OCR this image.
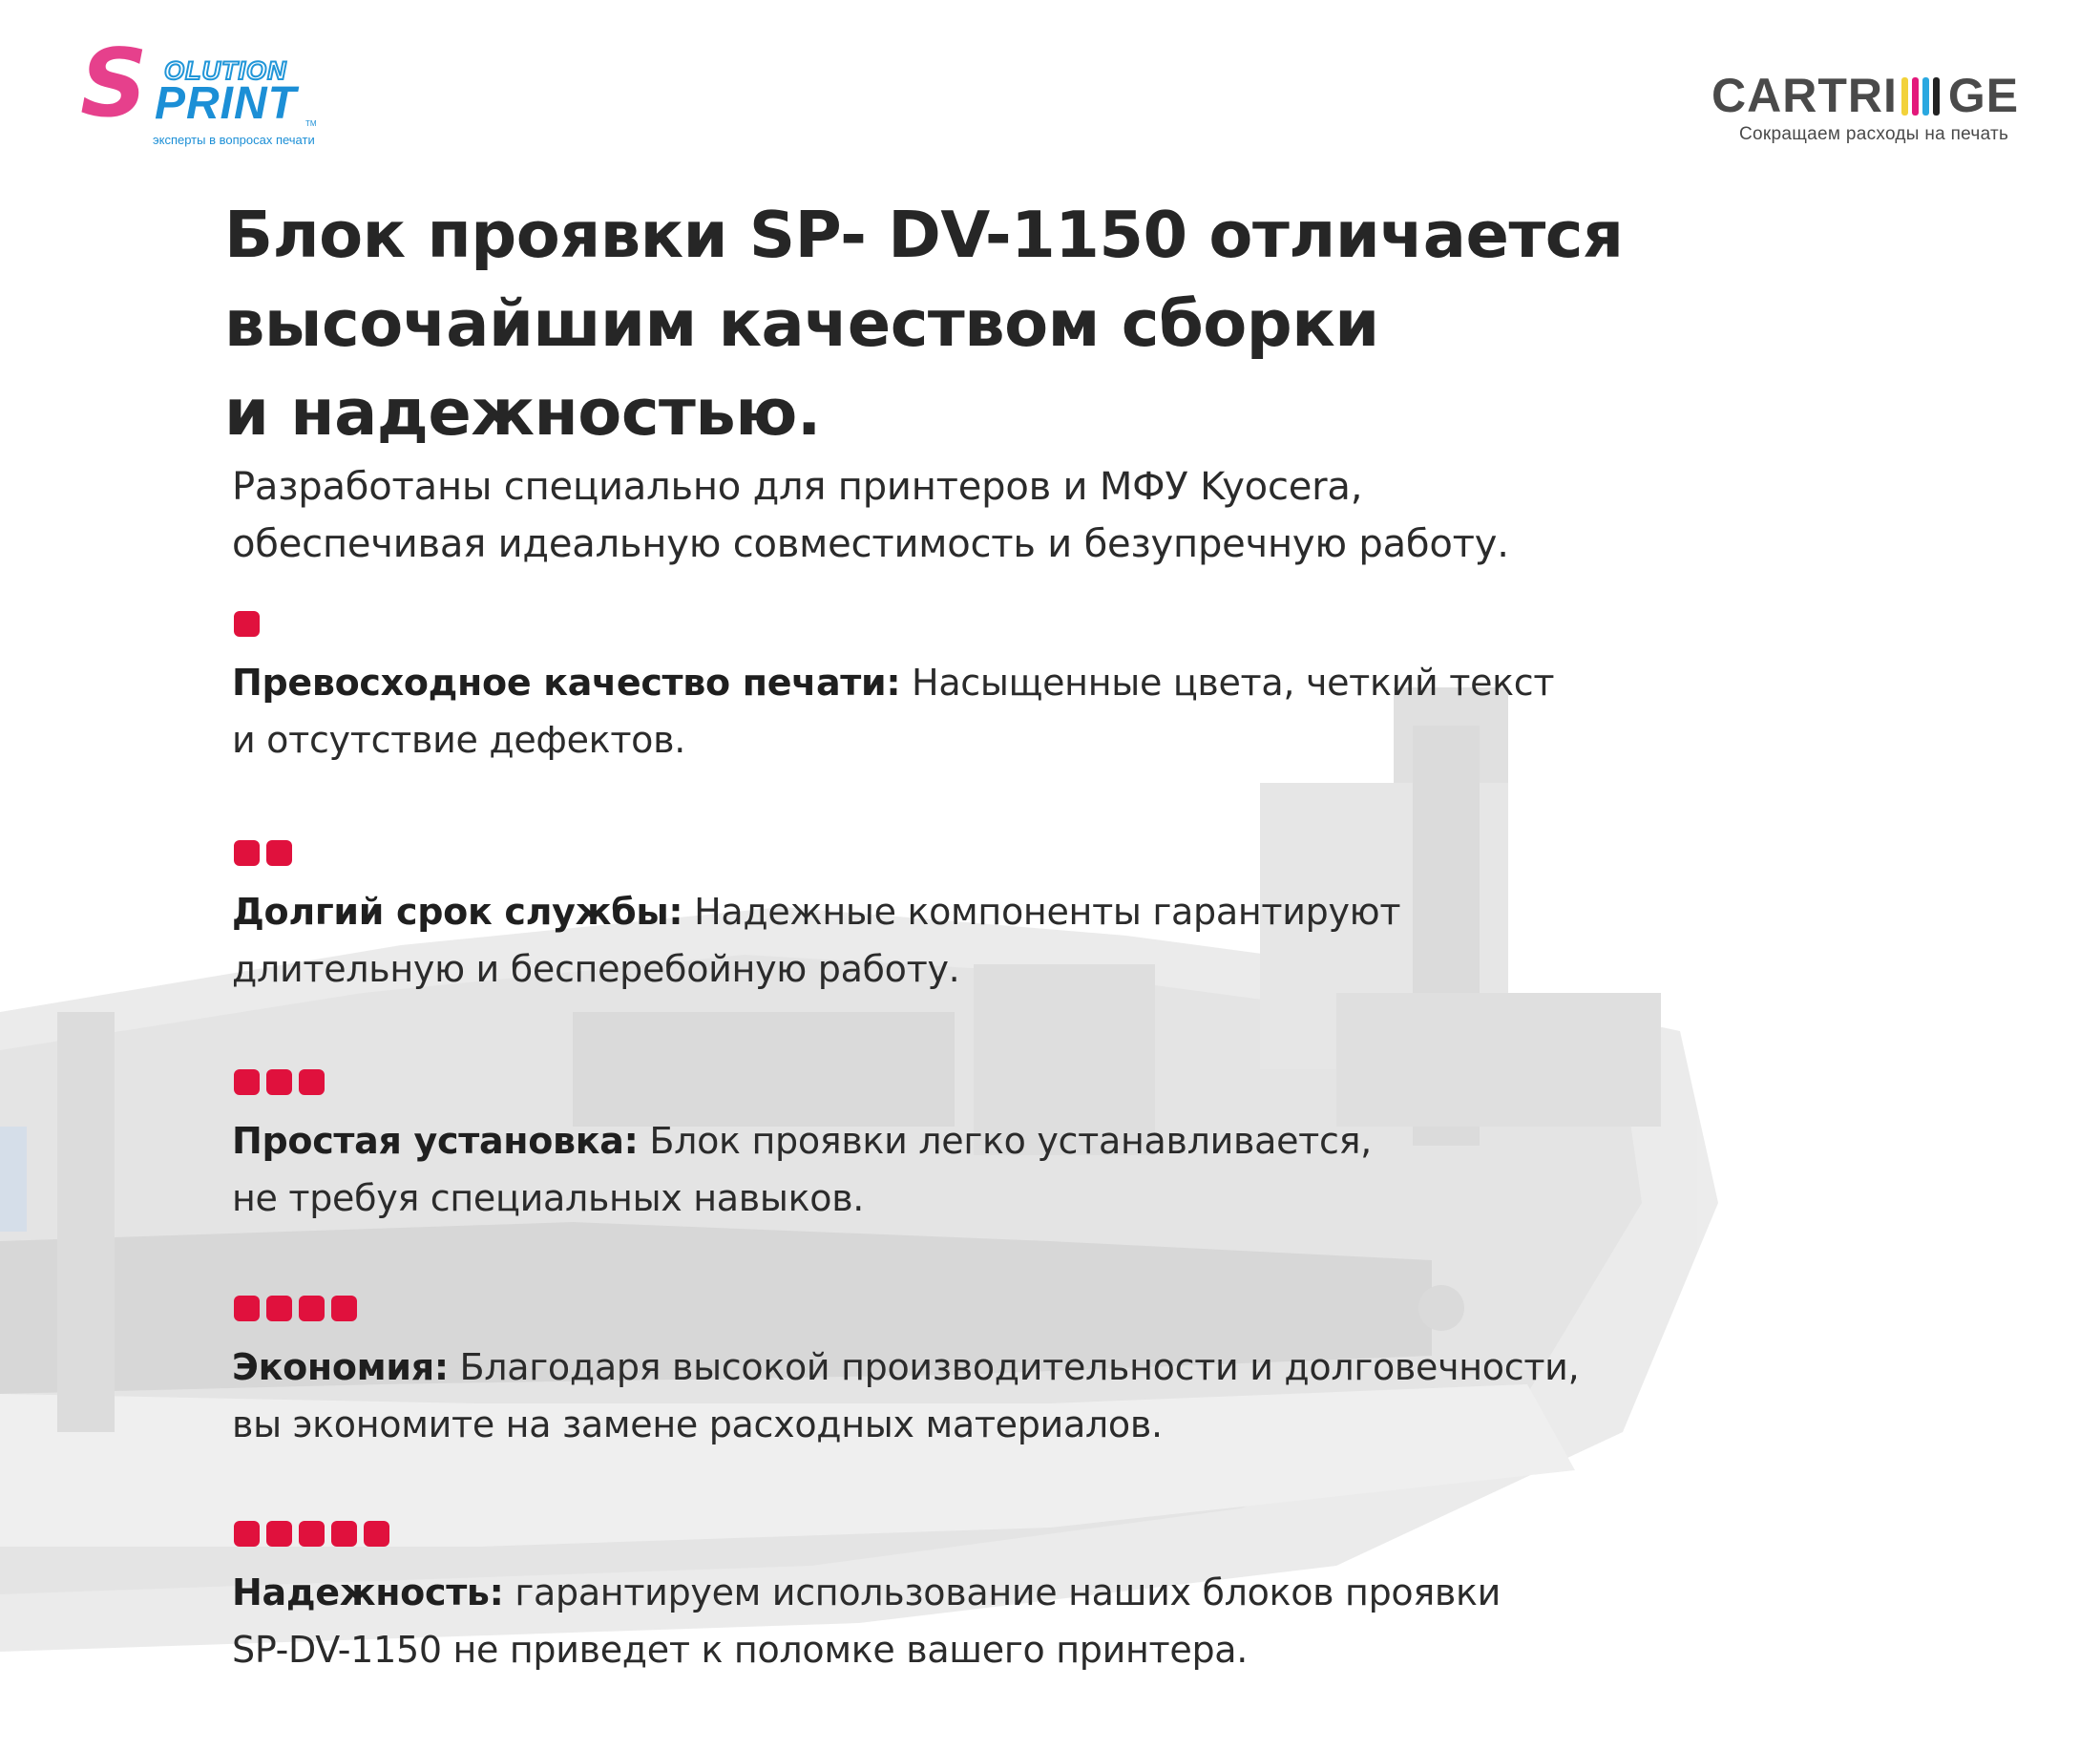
S OLUTION
PRINT TM
эксперты в вопросах печати
CARTRI GE
Сокращаем расходы на печать
Блок проявки SP- DV-1150 отличается
высочайшим качеством сборки
и надежностью.

Разработаны специально для принтеров и МФУ Kyocera,
обеспечивая идеальную совместимость и безупречную работу.

Превосходное качество печати: Насыщенные цвета, четкий текст
и отсутствие дефектов.

Долгий срок службы: Надежные компоненты гарантируют
длительную и бесперебойную работу.

Простая установка: Блок проявки легко устанавливается,
не требуя специальных навыков.

Экономия: Благодаря высокой производительности и долговечности,
вы экономите на замене расходных материалов.

Надежность: гарантируем использование наших блоков проявки
SP-DV-1150 не приведет к поломке вашего принтера.
